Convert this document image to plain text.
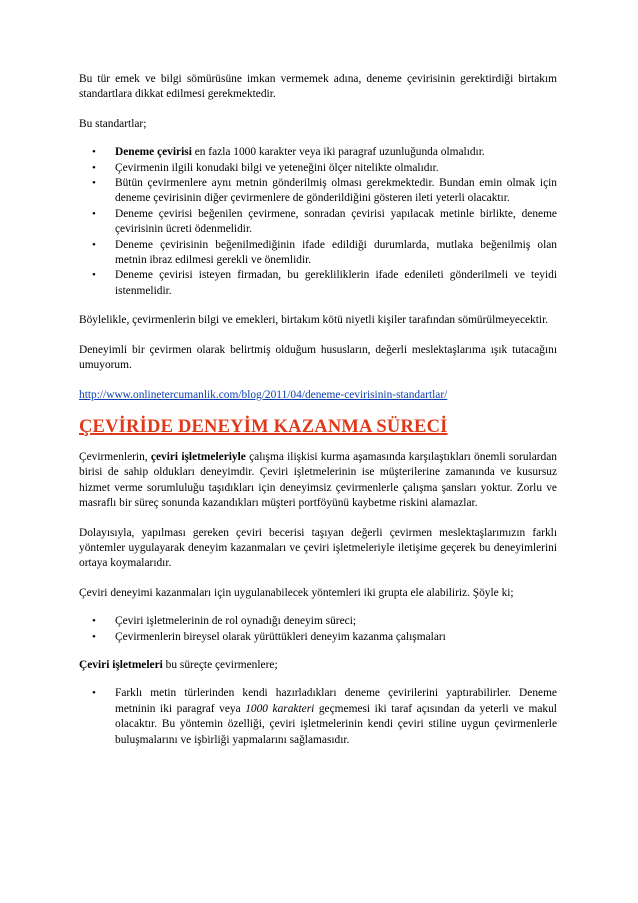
Bu tür emek ve bilgi sömürüsüne imkan vermemek adına, deneme çevirisinin gerektirdiği birtakım standartlara dikkat edilmesi gerekmektedir.

Bu standartlar;

• Deneme çevirisi en fazla 1000 karakter veya iki paragraf uzunluğunda olmalıdır.
• Çevirmenin ilgili konudaki bilgi ve yeteneğini ölçer nitelikte olmalıdır.
• Bütün çevirmenlere aynı metnin gönderilmiş olması gerekmektedir. Bundan emin olmak için deneme çevirisinin diğer çevirmenlere de gönderildiğini gösteren ileti yeterli olacaktır.
• Deneme çevirisi beğenilen çevirmene, sonradan çevirisi yapılacak metinle birlikte, deneme çevirisinin ücreti ödenmelidir.
• Deneme çevirisinin beğenilmediğinin ifade edildiği durumlarda, mutlaka beğenilmiş olan metnin ibraz edilmesi gerekli ve önemlidir.
• Deneme çevirisi isteyen firmadan, bu gerekliliklerin ifade edenileti gönderilmeli ve teyidi istenmelidir.

Böylelikle, çevirmenlerin bilgi ve emekleri, birtakım kötü niyetli kişiler tarafından sömürülmeyecektir.

Deneyimli bir çevirmen olarak belirtmiş olduğum hususların, değerli meslektaşlarıma ışık tutacağını umuyorum.

http://www.onlinetercumanlik.com/blog/2011/04/deneme-cevirisinin-standartlar/

ÇEVİRİDE DENEYİM KAZANMA SÜRECİ

Çevirmenlerin, çeviri işletmeleriyle çalışma ilişkisi kurma aşamasında karşılaştıkları önemli sorulardan birisi de sahip oldukları deneyimdir. Çeviri işletmelerinin ise müşterilerine zamanında ve kusursuz hizmet verme sorumluluğu taşıdıkları için deneyimsiz çevirmenlerle çalışma şansları yoktur. Zorlu ve masraflı bir süreç sonunda kazandıkları müşteri portföyünü kaybetme riskini alamazlar.

Dolayısıyla, yapılması gereken çeviri becerisi taşıyan değerli çevirmen meslektaşlarımızın farklı yöntemler uygulayarak deneyim kazanmaları ve çeviri işletmeleriyle iletişime geçerek bu deneyimlerini ortaya koymalarıdır.

Çeviri deneyimi kazanmaları için uygulanabilecek yöntemleri iki grupta ele alabiliriz. Şöyle ki;

• Çeviri işletmelerinin de rol oynadığı deneyim süreci;
• Çevirmenlerin bireysel olarak yürüttükleri deneyim kazanma çalışmaları

Çeviri işletmeleri bu süreçte çevirmenlere;

• Farklı metin türlerinden kendi hazırladıkları deneme çevirilerini yaptırabilirler. Deneme metninin iki paragraf veya 1000 karakteri geçmemesi iki taraf açısından da yeterli ve makul olacaktır. Bu yöntemin özelliği, çeviri işletmelerinin kendi çeviri stiline uygun çevirmenlerle buluşmalarını ve işbirliği yapmalarını sağlamasıdır.
